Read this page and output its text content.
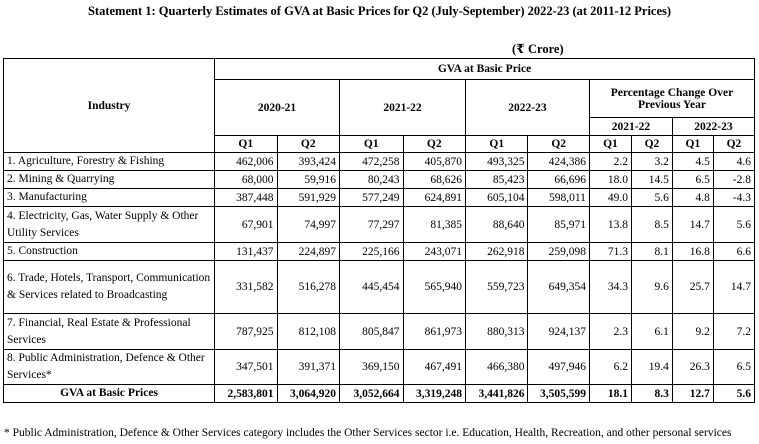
Statement 1: Quarterly Estimates of GVA at Basic Prices for Q2 (July-September) 2022-23 (at 2011-12 Prices)
(₹ Crore)
Industry	GVA at Basic Price									
	2020-21		2021-22		2022-23		Percentage Change Over Previous Year			
							2021-22		2022-23	
	Q1	Q2	Q1	Q2	Q1	Q2	Q1	Q2	Q1	Q2
1. Agriculture, Forestry & Fishing	462,006	393,424	472,258	405,870	493,325	424,386	2.2	3.2	4.5	4.6
2. Mining & Quarrying	68,000	59,916	80,243	68,626	85,423	66,696	18.0	14.5	6.5	-2.8
3. Manufacturing	387,448	591,929	577,249	624,891	605,104	598,011	49.0	5.6	4.8	-4.3
4. Electricity, Gas, Water Supply & Other Utility Services	67,901	74,997	77,297	81,385	88,640	85,971	13.8	8.5	14.7	5.6
5. Construction	131,437	224,897	225,166	243,071	262,918	259,098	71.3	8.1	16.8	6.6
6. Trade, Hotels, Transport, Communication & Services related to Broadcasting	331,582	516,278	445,454	565,940	559,723	649,354	34.3	9.6	25.7	14.7
7. Financial, Real Estate & Professional Services	787,925	812,108	805,847	861,973	880,313	924,137	2.3	6.1	9.2	7.2
8. Public Administration, Defence & Other Services*	347,501	391,371	369,150	467,491	466,380	497,946	6.2	19.4	26.3	6.5
GVA at Basic Prices	2,583,801	3,064,920	3,052,664	3,319,248	3,441,826	3,505,599	18.1	8.3	12.7	5.6
* Public Administration, Defence & Other Services category includes the Other Services sector i.e. Education, Health, Recreation, and other personal services
